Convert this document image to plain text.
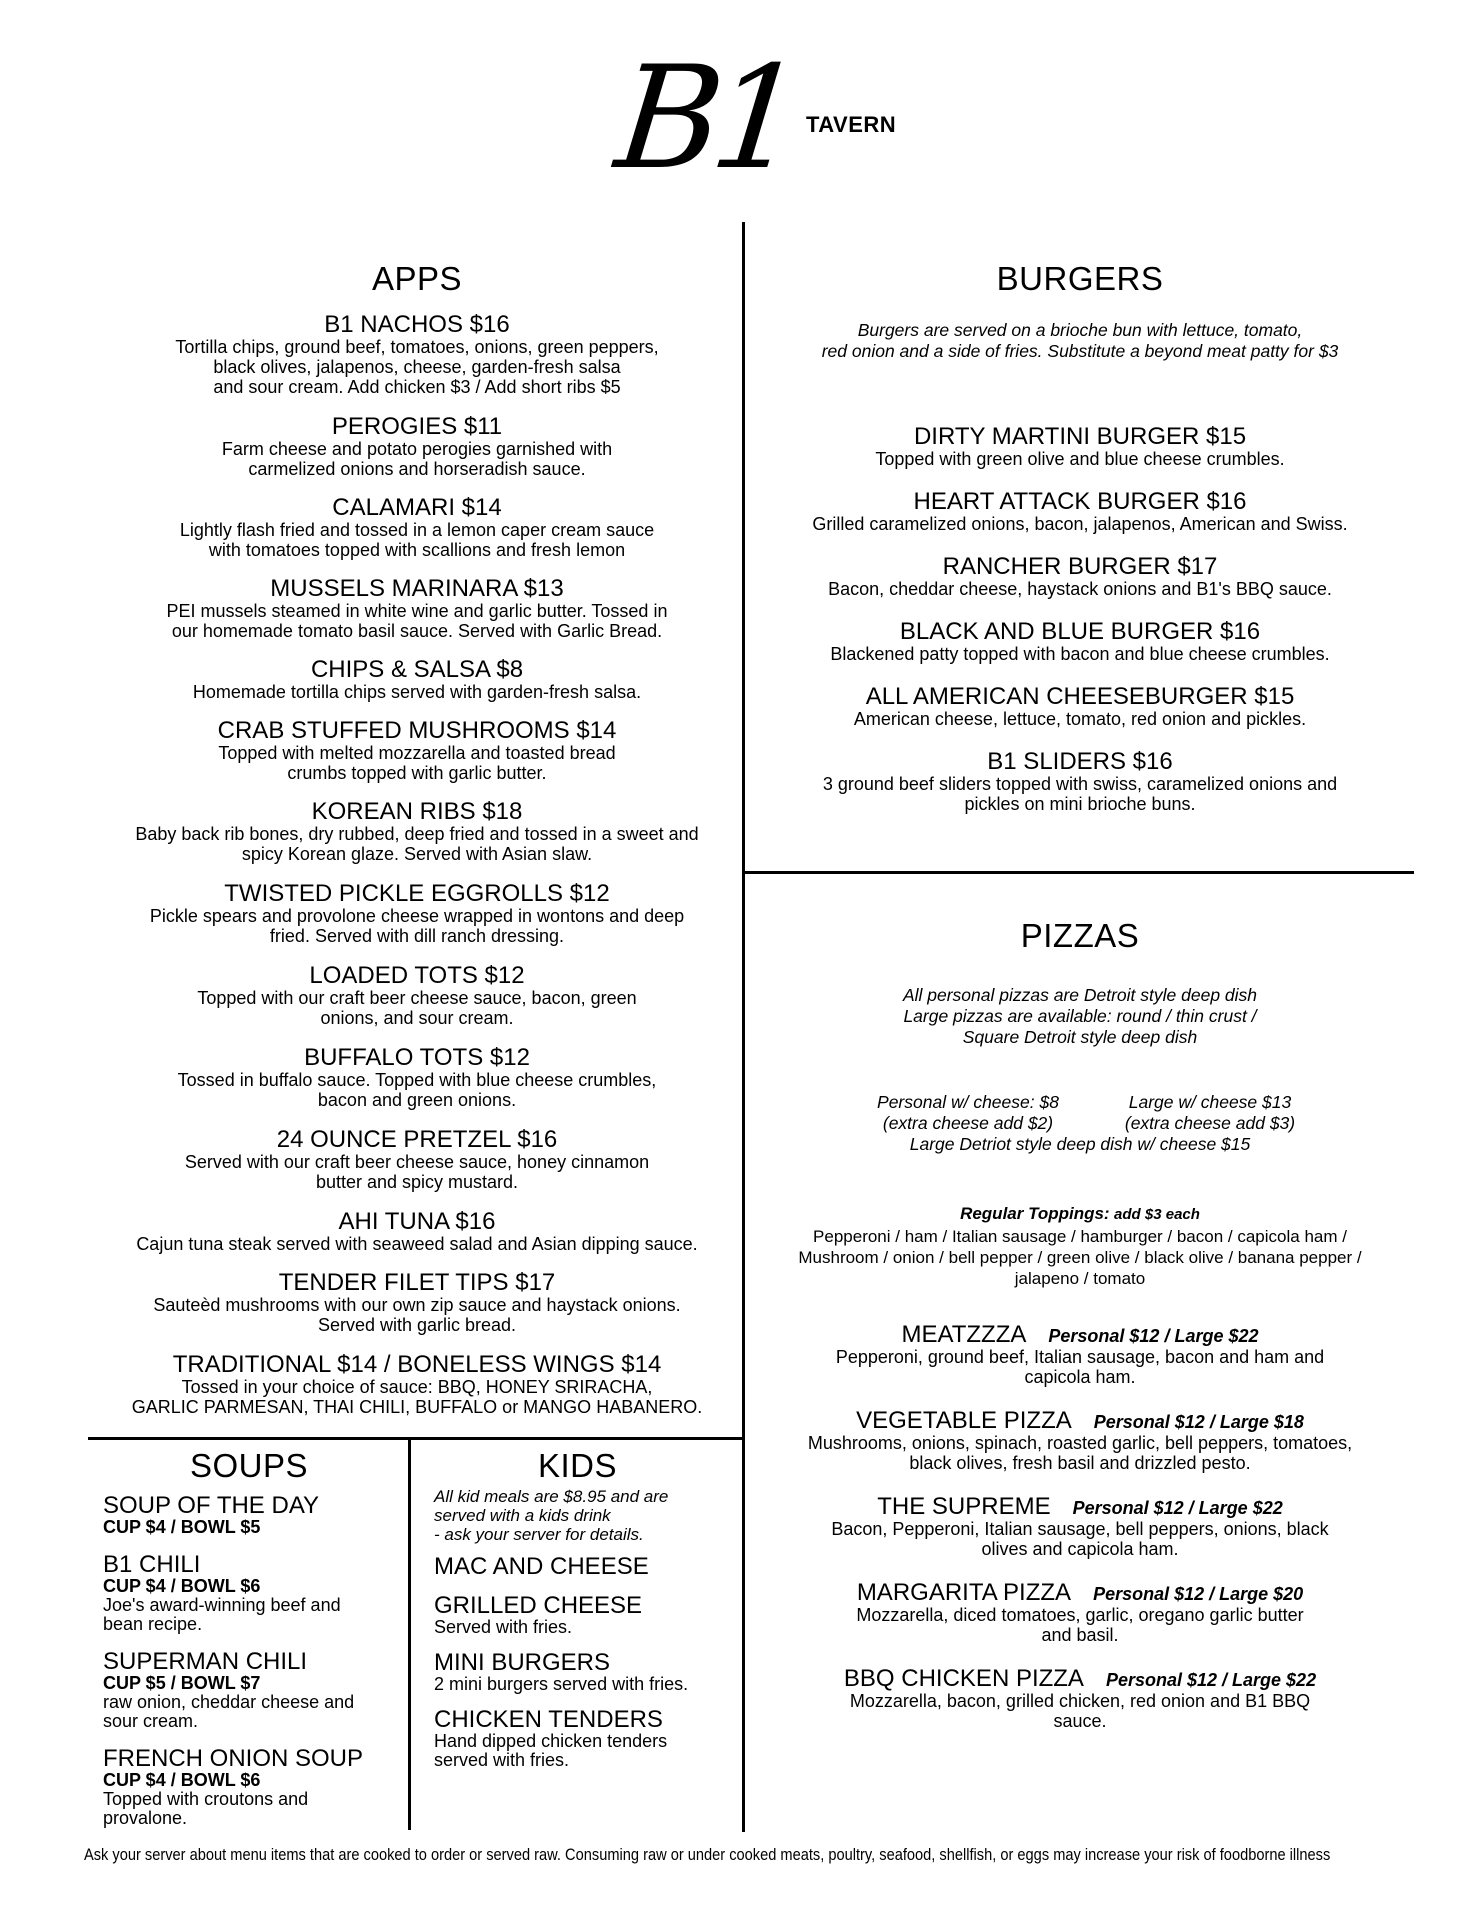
B1 TAVERN
APPS
B1 NACHOS $16
Tortilla chips, ground beef, tomatoes, onions, green peppers,
black olives, jalapenos, cheese, garden-fresh salsa
and sour cream. Add chicken $3 / Add short ribs $5
PEROGIES $11
Farm cheese and potato perogies garnished with
carmelized onions and horseradish sauce.
CALAMARI $14
Lightly flash fried and tossed in a lemon caper cream sauce
with tomatoes topped with scallions and fresh lemon
MUSSELS MARINARA $13
PEI mussels steamed in white wine and garlic butter. Tossed in
our homemade tomato basil sauce. Served with Garlic Bread.
CHIPS & SALSA $8
Homemade tortilla chips served with garden-fresh salsa.
CRAB STUFFED MUSHROOMS $14
Topped with melted mozzarella and toasted bread
crumbs topped with garlic butter.
KOREAN RIBS $18
Baby back rib bones, dry rubbed, deep fried and tossed in a sweet and
spicy Korean glaze. Served with Asian slaw.
TWISTED PICKLE EGGROLLS $12
Pickle spears and provolone cheese wrapped in wontons and deep
fried. Served with dill ranch dressing.
LOADED TOTS $12
Topped with our craft beer cheese sauce, bacon, green
onions, and sour cream.
BUFFALO TOTS $12
Tossed in buffalo sauce. Topped with blue cheese crumbles,
bacon and green onions.
24 OUNCE PRETZEL $16
Served with our craft beer cheese sauce, honey cinnamon
butter and spicy mustard.
AHI TUNA $16
Cajun tuna steak served with seaweed salad and Asian dipping sauce.
TENDER FILET TIPS $17
Sauteèd mushrooms with our own zip sauce and haystack onions.
Served with garlic bread.
TRADITIONAL $14 / BONELESS WINGS $14
Tossed in your choice of sauce: BBQ, HONEY SRIRACHA,
GARLIC PARMESAN, THAI CHILI, BUFFALO or MANGO HABANERO.
SOUPS
SOUP OF THE DAY
CUP $4 / BOWL $5
B1 CHILI
CUP $4 / BOWL $6
Joe's award-winning beef and
bean recipe.
SUPERMAN CHILI
CUP $5 / BOWL $7
raw onion, cheddar cheese and
sour cream.
FRENCH ONION SOUP
CUP $4 / BOWL $6
Topped with croutons and
provalone.
KIDS
All kid meals are $8.95 and are
served with a kids drink
- ask your server for details.
MAC AND CHEESE
GRILLED CHEESE
Served with fries.
MINI BURGERS
2 mini burgers served with fries.
CHICKEN TENDERS
Hand dipped chicken tenders
served with fries.
BURGERS
Burgers are served on a brioche bun with lettuce, tomato,
red onion and a side of fries. Substitute a beyond meat patty for $3
DIRTY MARTINI BURGER $15
Topped with green olive and blue cheese crumbles.
HEART ATTACK BURGER $16
Grilled caramelized onions, bacon, jalapenos, American and Swiss.
RANCHER BURGER $17
Bacon, cheddar cheese, haystack onions and B1's BBQ sauce.
BLACK AND BLUE BURGER $16
Blackened patty topped with bacon and blue cheese crumbles.
ALL AMERICAN CHEESEBURGER $15
American cheese, lettuce, tomato, red onion and pickles.
B1 SLIDERS $16
3 ground beef sliders topped with swiss, caramelized onions and
pickles on mini brioche buns.
PIZZAS
All personal pizzas are Detroit style deep dish
Large pizzas are available: round / thin crust /
Square Detroit style deep dish
Personal w/ cheese: $8
(extra cheese add $2)
Large w/ cheese $13
(extra cheese add $3)
Large Detriot style deep dish w/ cheese $15
Regular Toppings: add $3 each
Pepperoni / ham / Italian sausage / hamburger / bacon / capicola ham /
Mushroom / onion / bell pepper / green olive / black olive / banana pepper /
jalapeno / tomato
MEATZZZA Personal $12 / Large $22
Pepperoni, ground beef, Italian sausage, bacon and ham and
capicola ham.
VEGETABLE PIZZA Personal $12 / Large $18
Mushrooms, onions, spinach, roasted garlic, bell peppers, tomatoes,
black olives, fresh basil and drizzled pesto.
THE SUPREME Personal $12 / Large $22
Bacon, Pepperoni, Italian sausage, bell peppers, onions, black
olives and capicola ham.
MARGARITA PIZZA Personal $12 / Large $20
Mozzarella, diced tomatoes, garlic, oregano garlic butter
and basil.
BBQ CHICKEN PIZZA Personal $12 / Large $22
Mozzarella, bacon, grilled chicken, red onion and B1 BBQ
sauce.
Ask your server about menu items that are cooked to order or served raw. Consuming raw or under cooked meats, poultry, seafood, shellfish, or eggs may increase your risk of foodborne illness
